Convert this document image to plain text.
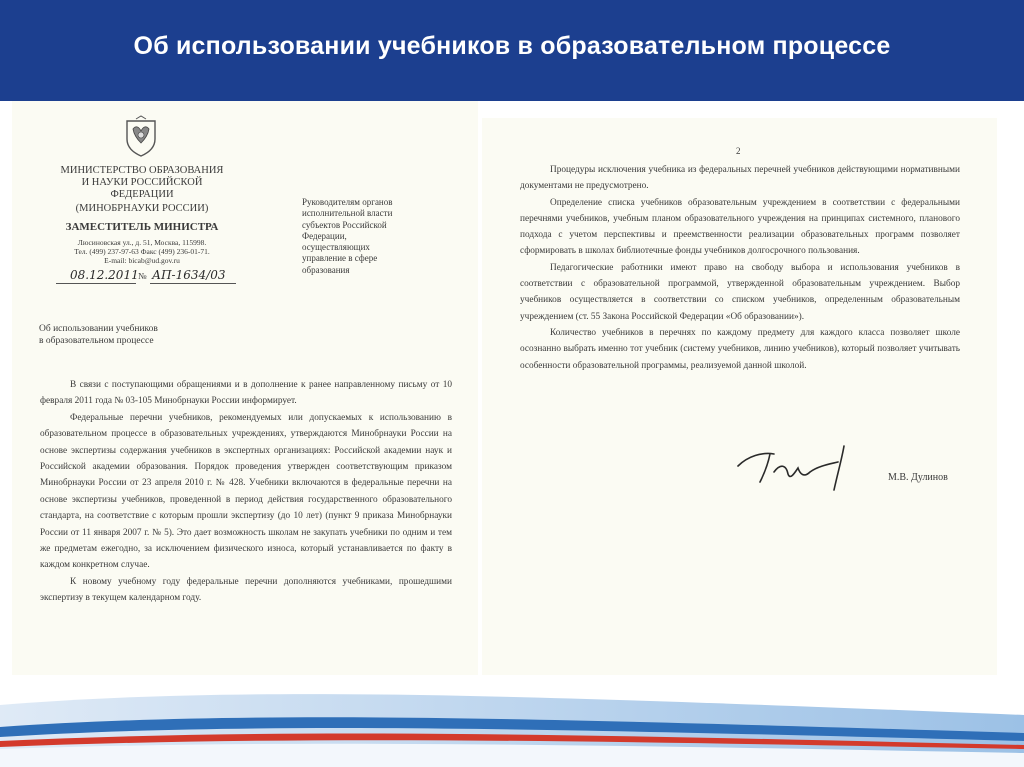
Об использовании учебников в образовательном процессе
МИНИСТЕРСТВО ОБРАЗОВАНИЯ
И НАУКИ РОССИЙСКОЙ
ФЕДЕРАЦИИ
(МИНОБРНАУКИ РОССИИ)
ЗАМЕСТИТЕЛЬ МИНИСТРА
Люсиновская ул., д. 51, Москва, 115998.
Тел. (499) 237-97-63 Факс (499) 236-01-71.
E-mail: bicab@ud.gov.ru
08.12.2011 № АП-1634/03
Руководителям органов
исполнительной власти
субъектов Российской
Федерации,
осуществляющих
управление в сфере
образования
Об использовании учебников
в образовательном процессе

В связи с поступающими обращениями и в дополнение к ранее направленному письму от 10 февраля 2011 года № 03-105 Минобрнауки России информирует.

Федеральные перечни учебников, рекомендуемых или допускаемых к использованию в образовательном процессе в образовательных учреждениях, утверждаются Минобрнауки России на основе экспертизы содержания учебников в экспертных организациях: Российской академии наук и Российской академии образования. Порядок проведения утвержден соответствующим приказом Минобрнауки России от 23 апреля 2010 г. № 428. Учебники включаются в федеральные перечни на основе экспертизы учебников, проведенной в период действия государственного образовательного стандарта, на соответствие с которым прошли экспертизу (до 10 лет) (пункт 9 приказа Минобрнауки России от 11 января 2007 г. № 5). Это дает возможность школам не закупать учебники по одним и тем же предметам ежегодно, за исключением физического износа, который устанавливается по факту в каждом конкретном случае.

К новому учебному году федеральные перечни дополняются учебниками, прошедшими экспертизу в текущем календарном году.

2

Процедуры исключения учебника из федеральных перечней учебников действующими нормативными документами не предусмотрено.

Определение списка учебников образовательным учреждением в соответствии с федеральными перечнями учебников, учебным планом образовательного учреждения на принципах системного, планового подхода с учетом перспективы и преемственности реализации образовательных программ позволяет сформировать в школах библиотечные фонды учебников долгосрочного пользования.

Педагогические работники имеют право на свободу выбора и использования учебников в соответствии с образовательной программой, утвержденной образовательным учреждением. Выбор учебников осуществляется в соответствии со списком учебников, определенным образовательным учреждением (ст. 55 Закона Российской Федерации «Об образовании»).

Количество учебников в перечнях по каждому предмету для каждого класса позволяет школе осознанно выбрать именно тот учебник (систему учебников, линию учебников), который позволяет учитывать особенности образовательной программы, реализуемой данной школой.

М.В. Дулинов
